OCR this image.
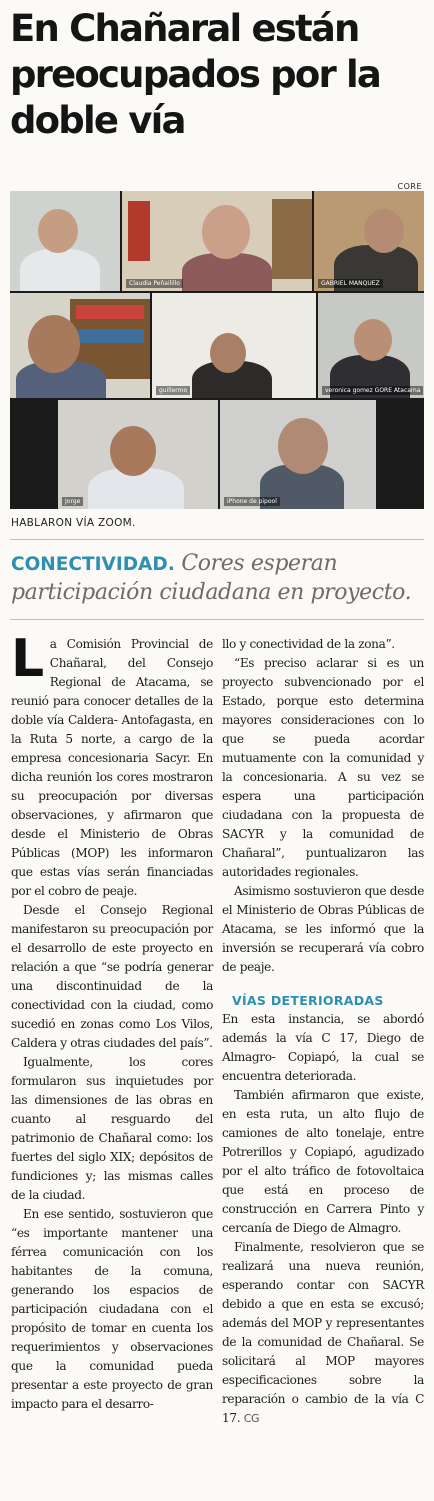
En Chañaral están preocupados por la doble vía
CORE
Claudia Peñailillo	GABRIEL MANQUEZ
guillermo	veronica gomez GORE Atacama
Jorge	iPhone de pipool
HABLARON VÍA ZOOM.

CONECTIVIDAD. Cores esperan participación ciudadana en proyecto.

La Comisión Provincial de Chañaral, del Consejo Regional de Atacama, se reunió para conocer detalles de la doble vía Caldera- Antofagasta, en la Ruta 5 norte, a cargo de la empresa concesionaria Sacyr. En dicha reunión los cores mostraron su preocupación por diversas observaciones, y afirmaron que desde el Ministerio de Obras Públicas (MOP) les informaron que estas vías serán financiadas por el cobro de peaje.

Desde el Consejo Regional manifestaron su preocupación por el desarrollo de este proyecto en relación a que “se podría generar una discontinuidad de la conectividad con la ciudad, como sucedió en zonas como Los Vilos, Caldera y otras ciudades del país”.

Igualmente, los cores formularon sus inquietudes por las dimensiones de las obras en cuanto al resguardo del patrimonio de Chañaral como: los fuertes del siglo XIX; depósitos de fundiciones y; las mismas calles de la ciudad.

En ese sentido, sostuvieron que “es importante mantener una férrea comunicación con los habitantes de la comuna, generando los espacios de participación ciudadana con el propósito de tomar en cuenta los requerimientos y observaciones que la comunidad pueda presentar a este proyecto de gran impacto para el desarro-

llo y conectividad de la zona”.

“Es preciso aclarar si es un proyecto subvencionado por el Estado, porque esto determina mayores consideraciones con lo que se pueda acordar mutuamente con la comunidad y la concesionaria. A su vez se espera una participación ciudadana con la propuesta de SACYR y la comunidad de Chañaral”, puntualizaron las autoridades regionales.

Asimismo sostuvieron que desde el Ministerio de Obras Públicas de Atacama, se les informó que la inversión se recuperará vía cobro de peaje.

VÍAS DETERIORADAS

En esta instancia, se abordó además la vía C 17, Diego de Almagro- Copiapó, la cual se encuentra deteriorada.

También afirmaron que existe, en esta ruta, un alto flujo de camiones de alto tonelaje, entre Potrerillos y Copiapó, agudizado por el alto tráfico de fotovoltaica que está en proceso de construcción en Carrera Pinto y cercanía de Diego de Almagro.

Finalmente, resolvieron que se realizará una nueva reunión, esperando contar con SACYR debido a que en esta se excusó; además del MOP y representantes de la comunidad de Chañaral. Se solicitará al MOP mayores especificaciones sobre la reparación o cambio de la vía C 17. CG
